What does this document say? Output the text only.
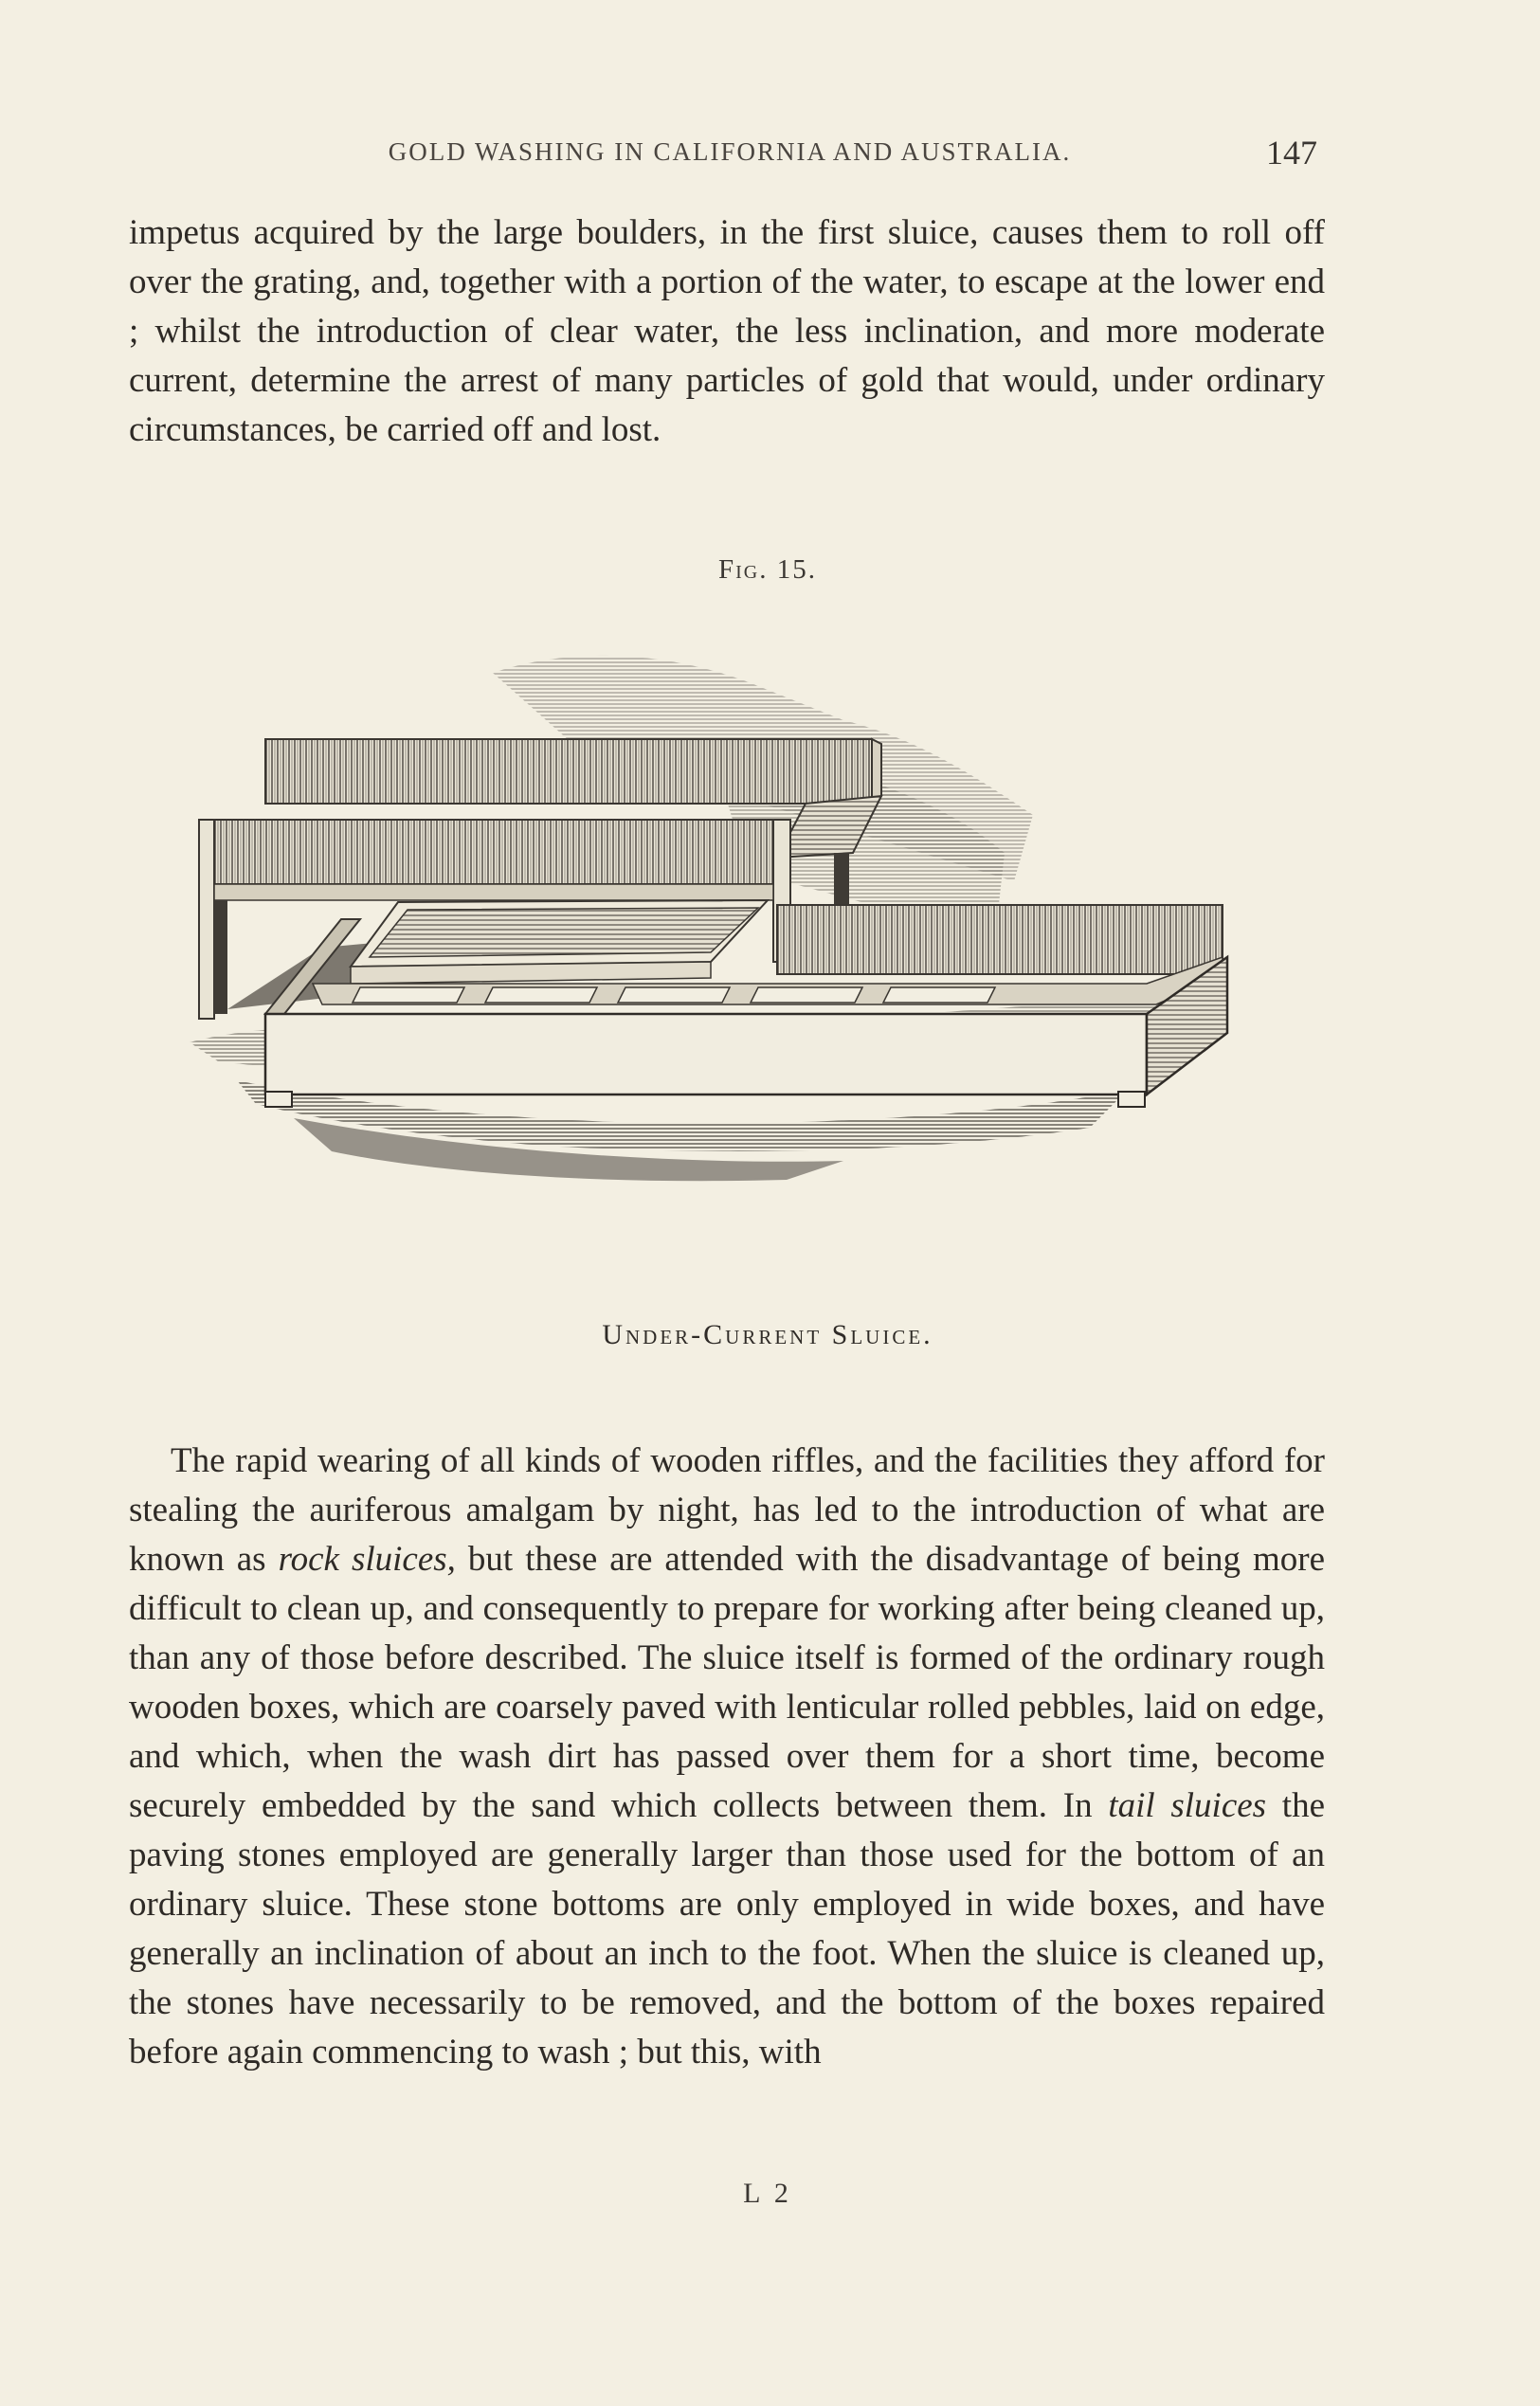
GOLD WASHING IN CALIFORNIA AND AUSTRALIA.	147

impetus acquired by the large boulders, in the first sluice, causes them to roll off over the grating, and, together with a portion of the water, to escape at the lower end ; whilst the introduction of clear water, the less inclination, and more moderate current, determine the arrest of many particles of gold that would, under ordinary circumstances, be carried off and lost.

Fig. 15.
Under-Current Sluice.

The rapid wearing of all kinds of wooden riffles, and the facilities they afford for stealing the auriferous amalgam by night, has led to the introduction of what are known as rock sluices, but these are attended with the disadvantage of being more difficult to clean up, and consequently to prepare for working after being cleaned up, than any of those before described. The sluice itself is formed of the ordinary rough wooden boxes, which are coarsely paved with lenticular rolled pebbles, laid on edge, and which, when the wash dirt has passed over them for a short time, become securely embedded by the sand which collects between them. In tail sluices the paving stones employed are generally larger than those used for the bottom of an ordinary sluice. These stone bottoms are only employed in wide boxes, and have generally an inclination of about an inch to the foot. When the sluice is cleaned up, the stones have necessarily to be removed, and the bottom of the boxes repaired before again commencing to wash ; but this, with

L 2
